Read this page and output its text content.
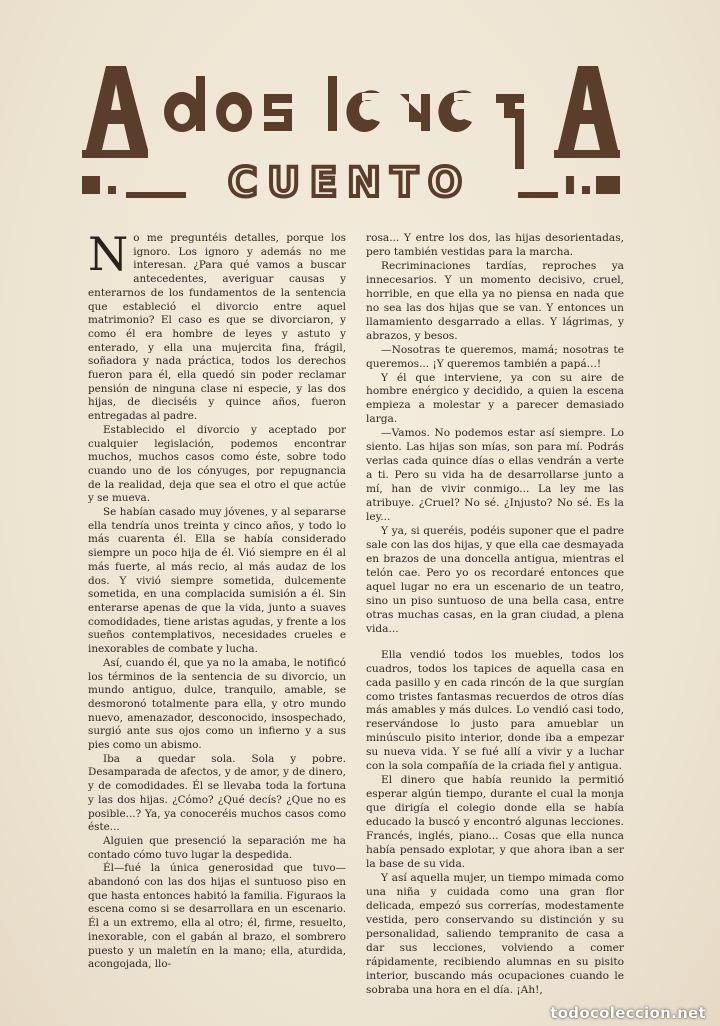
CUENTO
A dos leyes

No me preguntéis detalles, porque los ignoro. Los ignoro y además no me interesan. ¿Para qué vamos a buscar antecedentes, averiguar causas y enterarnos de los fundamentos de la sentencia que estableció el divorcio entre aquel matrimonio? El caso es que se divorciaron, y como él era hombre de leyes y astuto y enterado, y ella una mujercita fina, frágil, soñadora y nada práctica, todos los derechos fueron para él, ella quedó sin poder reclamar pensión de ninguna clase ni especie, y las dos hijas, de dieciséis y quince años, fueron entregadas al padre.

Establecido el divorcio y aceptado por cualquier legislación, podemos encontrar muchos, muchos casos como éste, sobre todo cuando uno de los cónyuges, por repugnancia de la realidad, deja que sea el otro el que actúe y se mueva.

Se habían casado muy jóvenes, y al separarse ella tendría unos treinta y cinco años, y todo lo más cuarenta él. Ella se había considerado siempre un poco hija de él. Vió siempre en él al más fuerte, al más recio, al más audaz de los dos. Y vivió siempre sometida, dulcemente sometida, en una complacida sumisión a él. Sin enterarse apenas de que la vida, junto a suaves comodidades, tiene aristas agudas, y frente a los sueños contemplativos, necesidades crueles e inexorables de combate y lucha.

Así, cuando él, que ya no la amaba, le notificó los términos de la sentencia de su divorcio, un mundo antiguo, dulce, tranquilo, amable, se desmoronó totalmente para ella, y otro mundo nuevo, amenazador, desconocido, insospechado, surgió ante sus ojos como un infierno y a sus pies como un abismo.

Iba a quedar sola. Sola y pobre. Desamparada de afectos, y de amor, y de dinero, y de comodidades. Él se llevaba toda la fortuna y las dos hijas. ¿Cómo? ¿Qué decís? ¿Que no es posible...? Ya, ya conoceréis muchos casos como éste...

Alguien que presenció la separación me ha contado cómo tuvo lugar la despedida.

Él—fué la única generosidad que tuvo—abandonó con las dos hijas el suntuoso piso en que hasta entonces habitó la familia. Figuraos la escena como si se desarrollara en un escenario. Él a un extremo, ella al otro; él, firme, resuelto, inexorable, con el gabán al brazo, el sombrero puesto y un maletín en la mano; ella, aturdida, acongojada, llo-

rosa... Y entre los dos, las hijas desorientadas, pero también vestidas para la marcha.

Recriminaciones tardías, reproches ya innecesarios. Y un momento decisivo, cruel, horrible, en que ella ya no piensa en nada que no sea las dos hijas que se van. Y entonces un llamamiento desgarrado a ellas. Y lágrimas, y abrazos, y besos.

—Nosotras te queremos, mamá; nosotras te queremos... ¡Y queremos también a papá...!

Y él que interviene, ya con su aire de hombre enérgico y decidido, a quien la escena empieza a molestar y a parecer demasiado larga.

—Vamos. No podemos estar así siempre. Lo siento. Las hijas son mías, son para mí. Podrás verlas cada quince días o ellas vendrán a verte a ti. Pero su vida ha de desarrollarse junto a mí, han de vivir conmigo... La ley me las atribuye. ¿Cruel? No sé. ¿Injusto? No sé. Es la ley...

Y ya, si queréis, podéis suponer que el padre sale con las dos hijas, y que ella cae desmayada en brazos de una doncella antigua, mientras el telón cae. Pero yo os recordaré entonces que aquel lugar no era un escenario de un teatro, sino un piso suntuoso de una bella casa, entre otras muchas casas, en la gran ciudad, a plena vida...

Ella vendió todos los muebles, todos los cuadros, todos los tapices de aquella casa en cada pasillo y en cada rincón de la que surgían como tristes fantasmas recuerdos de otros días más amables y más dulces. Lo vendió casi todo, reservándose lo justo para amueblar un minúsculo pisito interior, donde iba a empezar su nueva vida. Y se fué allí a vivir y a luchar con la sola compañía de la criada fiel y antigua.

El dinero que había reunido la permitió esperar algún tiempo, durante el cual la monja que dirigía el colegio donde ella se había educado la buscó y encontró algunas lecciones. Francés, inglés, piano... Cosas que ella nunca había pensado explotar, y que ahora iban a ser la base de su vida.

Y así aquella mujer, un tiempo mimada como una niña y cuidada como una gran flor delicada, empezó sus correrías, modestamente vestida, pero conservando su distinción y su personalidad, saliendo tempranito de casa a dar sus lecciones, volviendo a comer rápidamente, recibiendo alumnas en su pisito interior, buscando más ocupaciones cuando le sobraba una hora en el día. ¡Ah!,

todocoleccion.net
